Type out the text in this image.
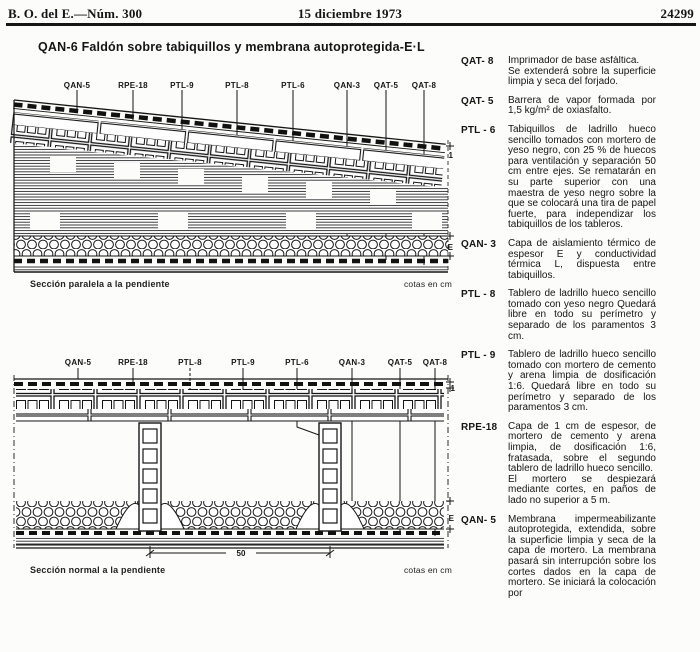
B. O. del E.—Núm. 300	15 diciembre 1973	24299
QAN-6 Faldón sobre tabiquillos y membrana autoprotegida-E·L
QAN-5	RPE-18	PTL-9	PTL-8	PTL-6	QAN-3 QAT-5 QAT-8
1
E
Sección paralela a la pendiente	cotas en cm
QAN-5	RPE-18	PTL-8	PTL-9	PTL-6	QAN-3	QAT-5 QAT-8
50
1
E
Sección normal a la pendiente	cotas en cm
QAT- 8	Imprimador de base asfáltica.

Se extenderá sobre la superficie limpia y seca del forjado.

QAT- 5	Barrera de vapor formada por 1,5 kg/m² de oxiasfalto.

PTL - 6	Tabiquillos de ladrillo hueco sencillo tomados con mortero de yeso negro, con 25 % de huecos para ventilación y separación 50 cm entre ejes. Se rematarán en su parte superior con una maestra de yeso negro sobre la que se colocará una tira de papel fuerte, para independizar los tabiquillos de los tableros.

QAN- 3	Capa de aislamiento térmico de espesor E y conductividad térmica L, dispuesta entre tabiquillos.

PTL - 8	Tablero de ladrillo hueco sencillo tomado con yeso negro Quedará libre en todo su perímetro y separado de los paramentos 3 cm.

PTL - 9	Tablero de ladrillo hueco sencillo tomado con mortero de cemento y arena limpia de dosificación 1:6. Quedará libre en todo su perímetro y separado de los paramentos 3 cm.

RPE-18	Capa de 1 cm de espesor, de mortero de cemento y arena limpia, de dosificación 1:6, fratasada, sobre el segundo tablero de ladrillo hueco sencillo.

El mortero se despiezará mediante cortes, en paños de lado no superior a 5 m.

QAN- 5	Membrana impermeabilizante autoprotegida, extendida, sobre la superficie limpia y seca de la capa de mortero. La membrana pasará sin interrupción sobre los cortes dados en la capa de mortero. Se iniciará la colocación por
